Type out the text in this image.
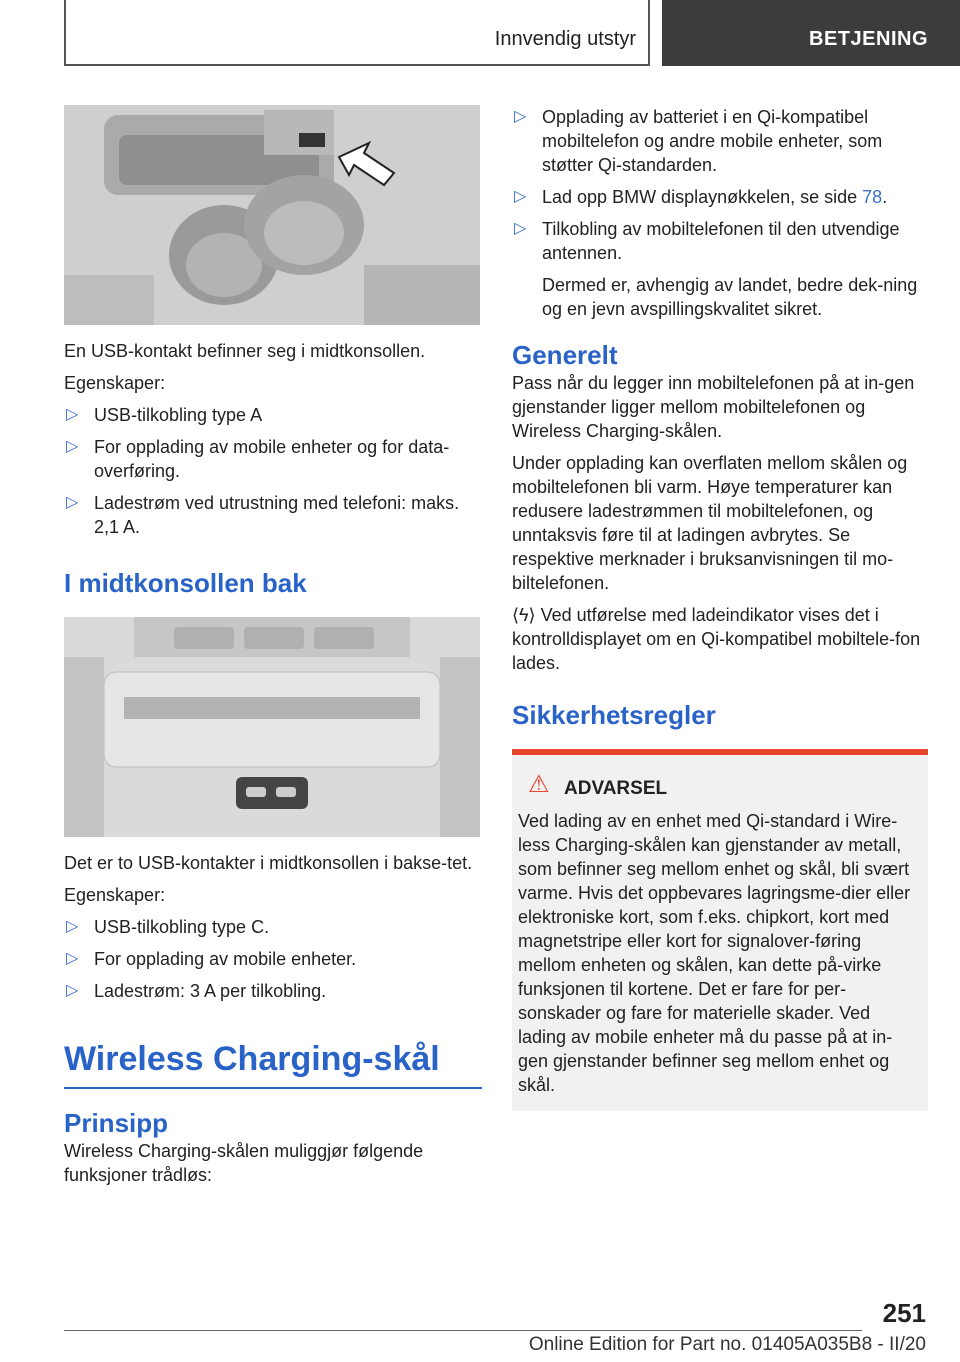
Innvendig utstyr	BETJENING

En USB-kontakt befinner seg i midtkonsollen.

Egenskaper:

▷ USB-tilkobling type A
▷ For opplading av mobile enheter og for data-overføring.
▷ Ladestrøm ved utrustning med telefoni: maks. 2,1 A.
I midtkonsollen bak

Det er to USB-kontakter i midtkonsollen i bakse-tet.

Egenskaper:

▷ USB-tilkobling type C.
▷ For opplading av mobile enheter.
▷ Ladestrøm: 3 A per tilkobling.
Wireless Charging-skål
Prinsipp

Wireless Charging-skålen muliggjør følgende funksjoner trådløs:

▷ Opplading av batteriet i en Qi-kompatibel mobiltelefon og andre mobile enheter, som støtter Qi-standarden.
▷ Lad opp BMW displaynøkkelen, se side 78.
▷ Tilkobling av mobiltelefonen til den utvendige antennen.

Dermed er, avhengig av landet, bedre dek-ning og en jevn avspillingskvalitet sikret.

Generelt

Pass når du legger inn mobiltelefonen på at in-gen gjenstander ligger mellom mobiltelefonen og Wireless Charging-skålen.

Under opplading kan overflaten mellom skålen og mobiltelefonen bli varm. Høye temperaturer kan redusere ladestrømmen til mobiltelefonen, og unntaksvis føre til at ladingen avbrytes. Se respektive merknader i bruksanvisningen til mo-biltelefonen.

⟨ϟ⟩ Ved utførelse med ladeindikator vises det i kontrolldisplayet om en Qi-kompatibel mobiltele-fon lades.

Sikkerhetsregler
⚠ ADVARSEL

Ved lading av en enhet med Qi-standard i Wire-less Charging-skålen kan gjenstander av metall, som befinner seg mellom enhet og skål, bli svært varme. Hvis det oppbevares lagringsme-dier eller elektroniske kort, som f.eks. chipkort, kort med magnetstripe eller kort for signalover-føring mellom enheten og skålen, kan dette på-virke funksjonen til kortene. Det er fare for per-sonskader og fare for materielle skader. Ved lading av mobile enheter må du passe på at in-gen gjenstander befinner seg mellom enhet og skål.

251
Online Edition for Part no. 01405A035B8 - II/20
